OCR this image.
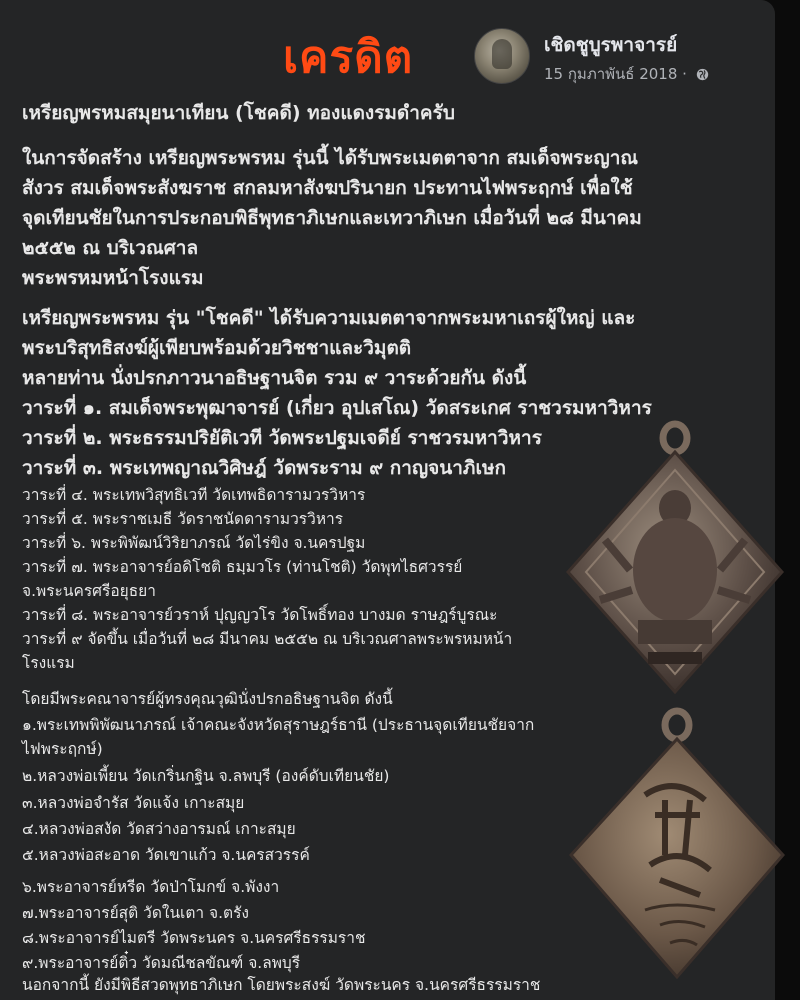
เครดิต	เชิดชูบูรพาจารย์
15 กุมภาพันธ์ 2018 ·
เหรียญพรหมสมุยนาเทียน (โชคดี) ทองแดงรมดำครับ
ในการจัดสร้าง เหรียญพระพรหม รุ่นนี้ ได้รับพระเมตตาจาก สมเด็จพระญาณ
สังวร สมเด็จพระสังฆราช สกลมหาสังฆปรินายก ประทานไฟพระฤกษ์ เพื่อใช้
จุดเทียนชัยในการประกอบพิธีพุทธาภิเษกและเทวาภิเษก เมื่อวันที่ ๒๘ มีนาคม
๒๕๕๒ ณ บริเวณศาล
พระพรหมหน้าโรงแรม
เหรียญพระพรหม รุ่น "โชคดี" ได้รับความเมตตาจากพระมหาเถรผู้ใหญ่ และ
พระบริสุทธิสงฆ์ผู้เพียบพร้อมด้วยวิชชาและวิมุตติ
หลายท่าน นั่งปรกภาวนาอธิษฐานจิต รวม ๙ วาระด้วยกัน ดังนี้
วาระที่ ๑. สมเด็จพระพุฒาจารย์ (เกี่ยว อุปเสโณ) วัดสระเกศ ราชวรมหาวิหาร
วาระที่ ๒. พระธรรมปริยัติเวที วัดพระปฐมเจดีย์ ราชวรมหาวิหาร
วาระที่ ๓. พระเทพญาณวิศิษฎ์ วัดพระราม ๙ กาญจนาภิเษก
วาระที่ ๔. พระเทพวิสุทธิเวที วัดเทพธิดารามวรวิหาร
วาระที่ ๕. พระราชเมธี วัดราชนัดดารามวรวิหาร
วาระที่ ๖. พระพิพัฒน์วิริยาภรณ์ วัดไร่ขิง จ.นครปฐม
วาระที่ ๗. พระอาจารย์อดิโชติ ธมฺมวโร (ท่านโชติ) วัดพุทไธศวรรย์
จ.พระนครศรีอยุธยา
วาระที่ ๘. พระอาจารย์วราห์ ปุญญวโร วัดโพธิ์ทอง บางมด ราษฎร์บูรณะ
วาระที่ ๙ จัดขึ้น เมื่อวันที่ ๒๘ มีนาคม ๒๕๕๒ ณ บริเวณศาลพระพรหมหน้า
โรงแรม
โดยมีพระคณาจารย์ผู้ทรงคุณวุฒินั่งปรกอธิษฐานจิต ดังนี้
๑.พระเทพพิพัฒนาภรณ์ เจ้าคณะจังหวัดสุราษฎร์ธานี (ประธานจุดเทียนชัยจาก
ไฟพระฤกษ์)
๒.หลวงพ่อเพี้ยน วัดเกริ่นกฐิน จ.ลพบุรี (องค์ดับเทียนชัย)
๓.หลวงพ่อจำรัส วัดแจ้ง เกาะสมุย
๔.หลวงพ่อสงัด วัดสว่างอารมณ์ เกาะสมุย
๕.หลวงพ่อสะอาด วัดเขาแก้ว จ.นครสวรรค์
๖.พระอาจารย์หรีด วัดป่าโมกข์ จ.พังงา
๗.พระอาจารย์สุติ วัดในเตา จ.ตรัง
๘.พระอาจารย์ไมตรี วัดพระนคร จ.นครศรีธรรมราช
๙.พระอาจารย์ติ๋ว วัดมณีชลขัณฑ์ จ.ลพบุรี
นอกจากนี้ ยังมีพิธีสวดพุทธาภิเษก โดยพระสงฆ์ วัดพระนคร จ.นครศรีธรรมราช
